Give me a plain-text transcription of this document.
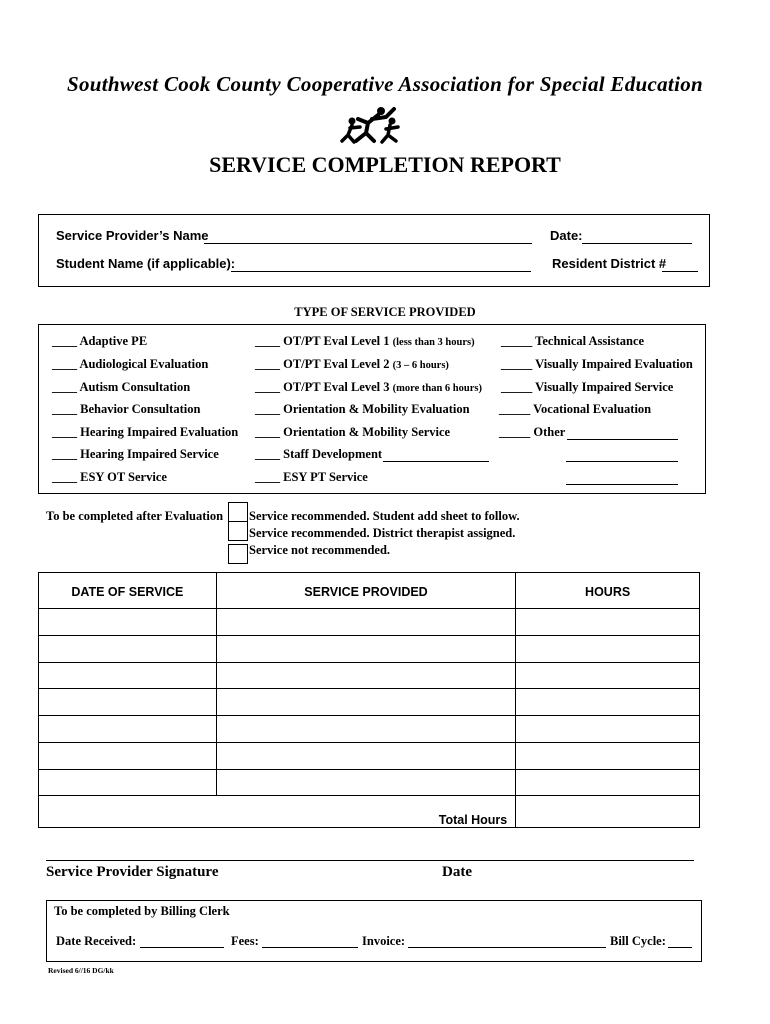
Southwest Cook County Cooperative Association for Special Education
SERVICE COMPLETION REPORT
Service Provider’s Name	Date:
Student Name (if applicable):	Resident District #
TYPE OF SERVICE PROVIDED
____ Adaptive PE
____ Audiological Evaluation
____ Autism Consultation
____ Behavior Consultation
____ Hearing Impaired Evaluation
____ Hearing Impaired Service
____ ESY OT Service
____ OT/PT Eval Level 1 (less than 3 hours)
____ OT/PT Eval Level 2 (3 – 6 hours)
____ OT/PT Eval Level 3 (more than 6 hours)
____ Orientation & Mobility Evaluation
____ Orientation & Mobility Service
____ Staff Development
____ ESY PT Service
_____ Technical Assistance
_____ Visually Impaired Evaluation
_____ Visually Impaired Service
_____ Vocational Evaluation
_____ Other
To be completed after Evaluation Service recommended. Student add sheet to follow.
Service recommended. District therapist assigned.
Service not recommended.
DATE OF SERVICE	SERVICE PROVIDED	HOURS

Total Hours		
Service Provider Signature	Date
To be completed by Billing Clerk
Date Received:	Fees:	Invoice:	Bill Cycle:
Revised 6//16 DG/kk
